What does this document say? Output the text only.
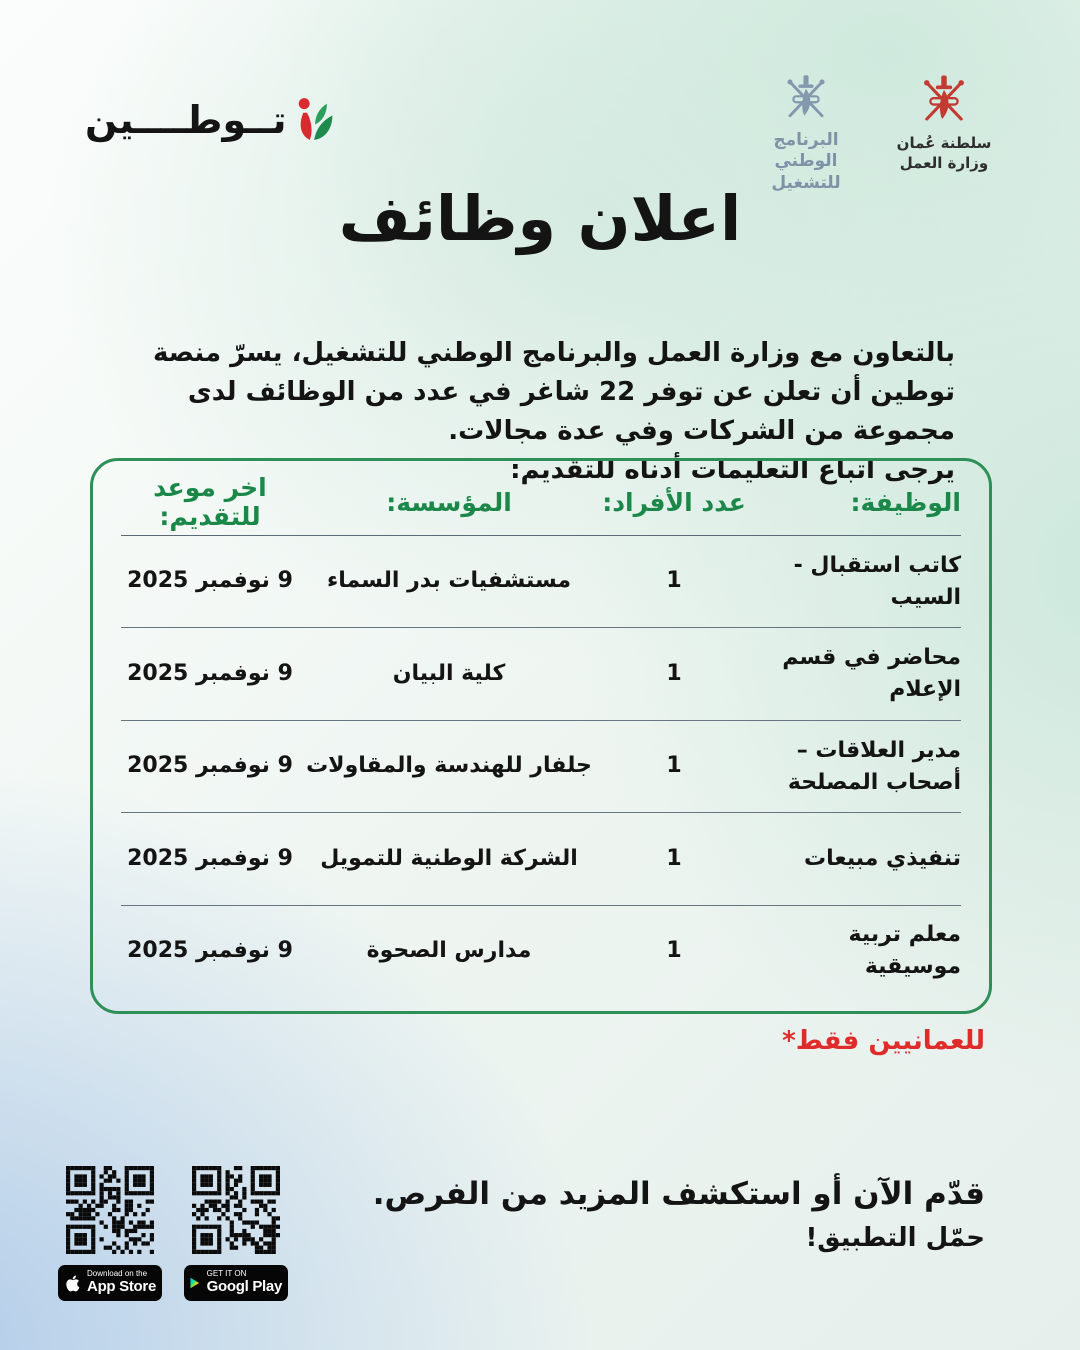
تــوطــــين	البرنامج الوطني
للتشغيل
سلطنة عُمان
وزارة العمل
اعلان وظائف

بالتعاون مع وزارة العمل والبرنامج الوطني للتشغيل، يسرّ منصة توطين أن تعلن عن توفر 22 شاغر في عدد من الوظائف لدى مجموعة من الشركات وفي عدة مجالات.
يرجى اتباع التعليمات أدناه للتقديم:

الوظيفة:
عدد الأفراد:
المؤسسة:
اخر موعد للتقديم:
كاتب استقبال - السيب
1
مستشفيات بدر السماء
9 نوفمبر 2025
محاضر في قسم الإعلام
1
كلية البيان
9 نوفمبر 2025
مدير العلاقات – أصحاب المصلحة
1
جلفار للهندسة والمقاولات
9 نوفمبر 2025
تنفيذي مبيعات
1
الشركة الوطنية للتمويل
9 نوفمبر 2025
معلم تربية موسيقية
1
مدارس الصحوة
9 نوفمبر 2025

للعمانيين فقط*

قدّم الآن أو استكشف المزيد من الفرص.
حمّل التطبيق!
Download on the
App Store
GET IT ON
Googl Play
